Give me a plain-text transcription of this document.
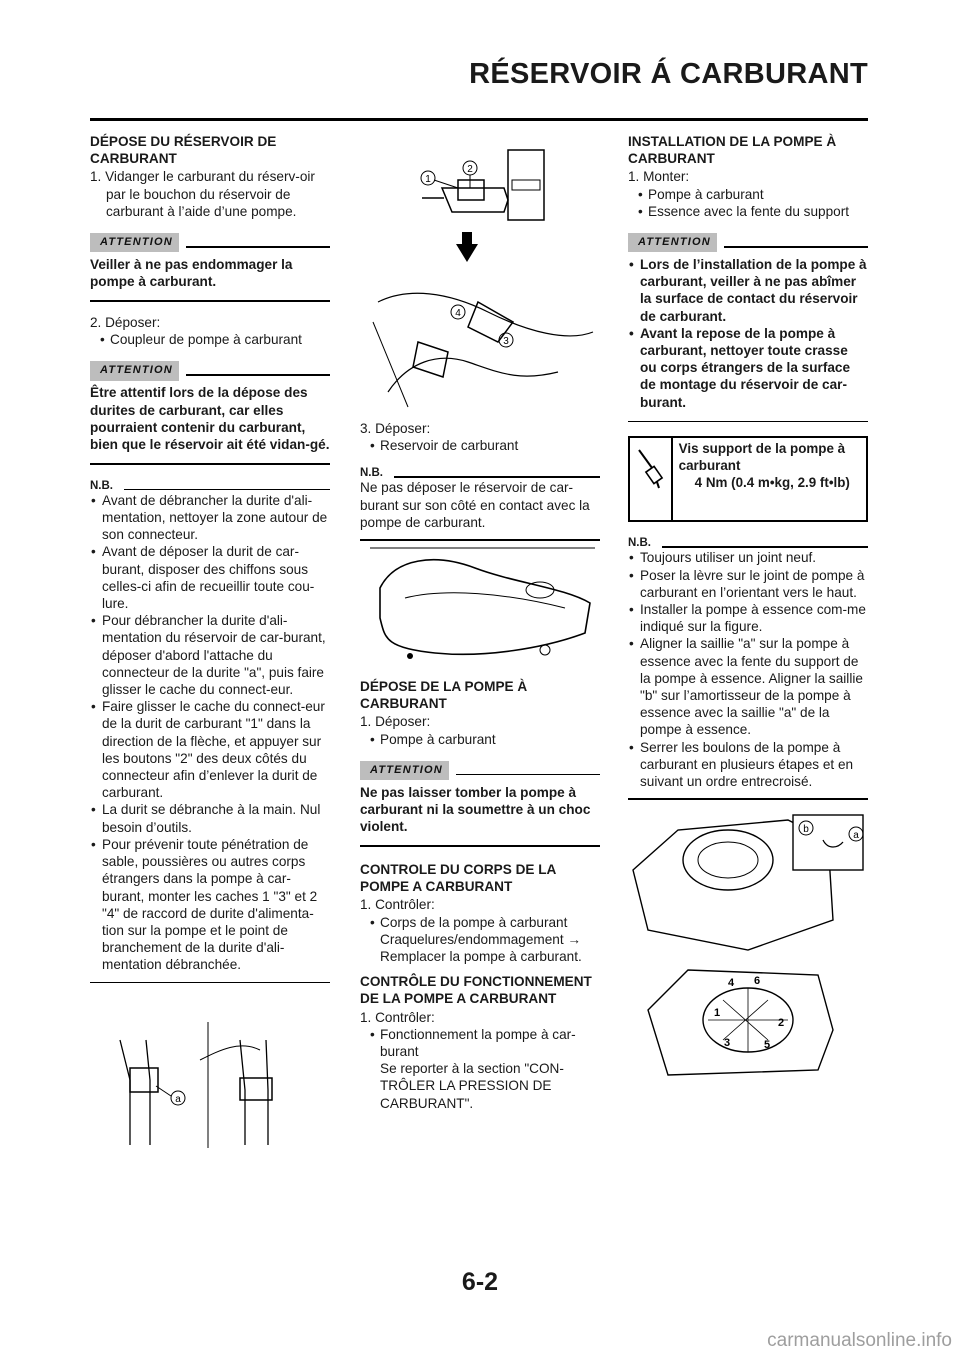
RÉSERVOIR Á CARBURANT
DÉPOSE DU RÉSERVOIR DE CARBURANT
1. Vidanger le carburant du réserv-oir par le bouchon du réservoir de carburant à l’aide d’une pompe.
ATTENTION
Veiller à ne pas endommager la pompe à carburant.
2. Déposer:
• Coupleur de pompe à carburant
ATTENTION
Être attentif lors de la dépose des durites de carburant, car elles pourraient contenir du carburant, bien que le réservoir ait été vidan-gé.
N.B.
• Avant de débrancher la durite d'ali-mentation, nettoyer la zone autour de son connecteur.
• Avant de déposer la durit de car-burant, disposer des chiffons sous celles-ci afin de recueillir toute cou-lure.
• Pour débrancher la durite d'ali-mentation du réservoir de car-burant, déposer d'abord l'attache du connecteur de la durite "a", puis faire glisser le cache du connect-eur.
• Faire glisser le cache du connect-eur de la durit de carburant "1" dans la direction de la flèche, et appuyer sur les boutons "2" des deux côtés du connecteur afin d’enlever la durit de carburant.
• La durit se débranche à la main. Nul besoin d’outils.
• Pour prévenir toute pénétration de sable, poussières ou autres corps étrangers dans la pompe à car-burant, monter les caches 1 "3" et 2 "4" de raccord de durite d'alimenta-tion sur la pompe et le point de branchement de la durite d'ali-mentation débranchée.
3. Déposer:
• Reservoir de carburant
N.B.
Ne pas déposer le réservoir de car-burant sur son côté en contact avec la pompe de carburant.
DÉPOSE DE LA POMPE À CARBURANT
1. Déposer:
• Pompe à carburant
ATTENTION
Ne pas laisser tomber la pompe à carburant ni la soumettre à un choc violent.
CONTROLE DU CORPS DE LA POMPE A CARBURANT
1. Contrôler:
• Corps de la pompe à carburant
Craquelures/endommagement →
Remplacer la pompe à carburant.
CONTRÔLE DU FONCTIONNEMENT DE LA POMPE A CARBURANT
1. Contrôler:
• Fonctionnement la pompe à car-burant
Se reporter à la section "CON-TRÔLER LA PRESSION DE CARBURANT".
INSTALLATION DE LA POMPE À CARBURANT
1. Monter:
• Pompe à carburant
• Essence avec la fente du support
ATTENTION
• Lors de l’installation de la pompe à carburant, veiller à ne pas abîmer la surface de contact du réservoir de carburant.
• Avant la repose de la pompe à carburant, nettoyer toute crasse ou corps étrangers de la surface de montage du réservoir de car-burant.
Vis support de la pompe à carburant
4 Nm (0.4 m•kg, 2.9 ft•lb)
N.B.
• Toujours utiliser un joint neuf.
• Poser la lèvre sur le joint de pompe à carburant en l’orientant vers le haut.
• Installer la pompe à essence com-me indiqué sur la figure.
• Aligner la saillie "a" sur la pompe à essence avec la fente du support de la pompe à essence. Aligner la saillie "b" sur l’amortisseur de la pompe à essence avec la saillie "a" de la pompe à essence.
• Serrer les boulons de la pompe à carburant en plusieurs étapes et en suivant un ordre entrecroisé.
1
2
4
3
a
b
a
4 6
2
1
3	5
6-2
carmanualsonline.info
